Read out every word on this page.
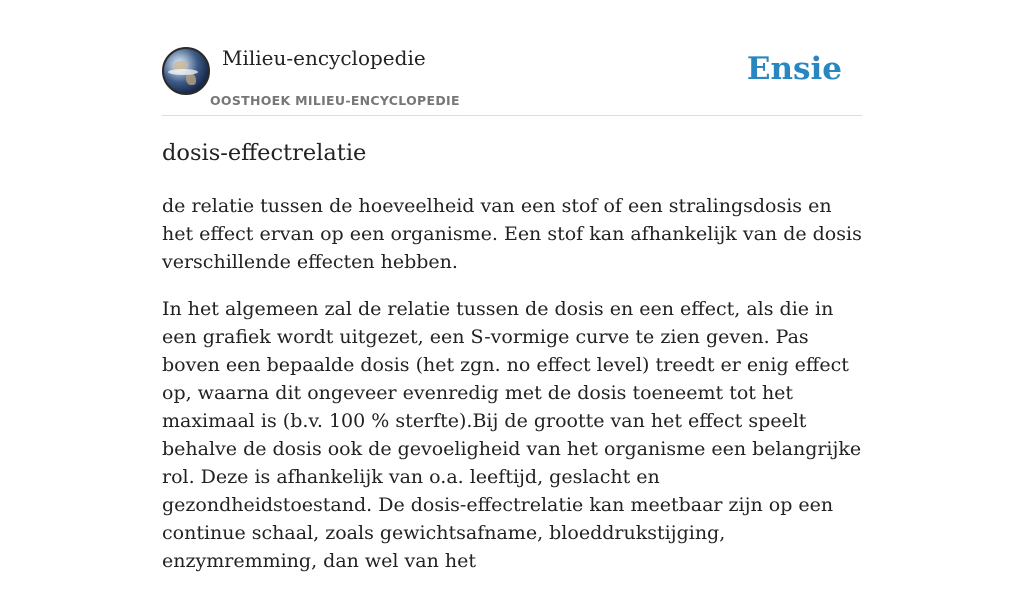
Milieu-encyclopedie
OOSTHOEK MILIEU-ENCYCLOPEDIE
Ensie
dosis-effectrelatie

de relatie tussen de hoeveelheid van een stof of een stralingsdosis en het effect ervan op een organisme. Een stof kan afhankelijk van de dosis verschillende effecten hebben.

In het algemeen zal de relatie tussen de dosis en een effect, als die in een grafiek wordt uitgezet, een S-vormige curve te zien geven. Pas boven een bepaalde dosis (het zgn. no effect level) treedt er enig effect op, waarna dit ongeveer evenredig met de dosis toeneemt tot het maximaal is (b.v. 100 % sterfte).Bij de grootte van het effect speelt behalve de dosis ook de gevoeligheid van het organisme een belangrijke rol. Deze is afhankelijk van o.a. leeftijd, geslacht en gezondheidstoestand. De dosis-effectrelatie kan meetbaar zijn op een continue schaal, zoals gewichtsafname, bloeddrukstijging, enzymremming, dan wel van het
